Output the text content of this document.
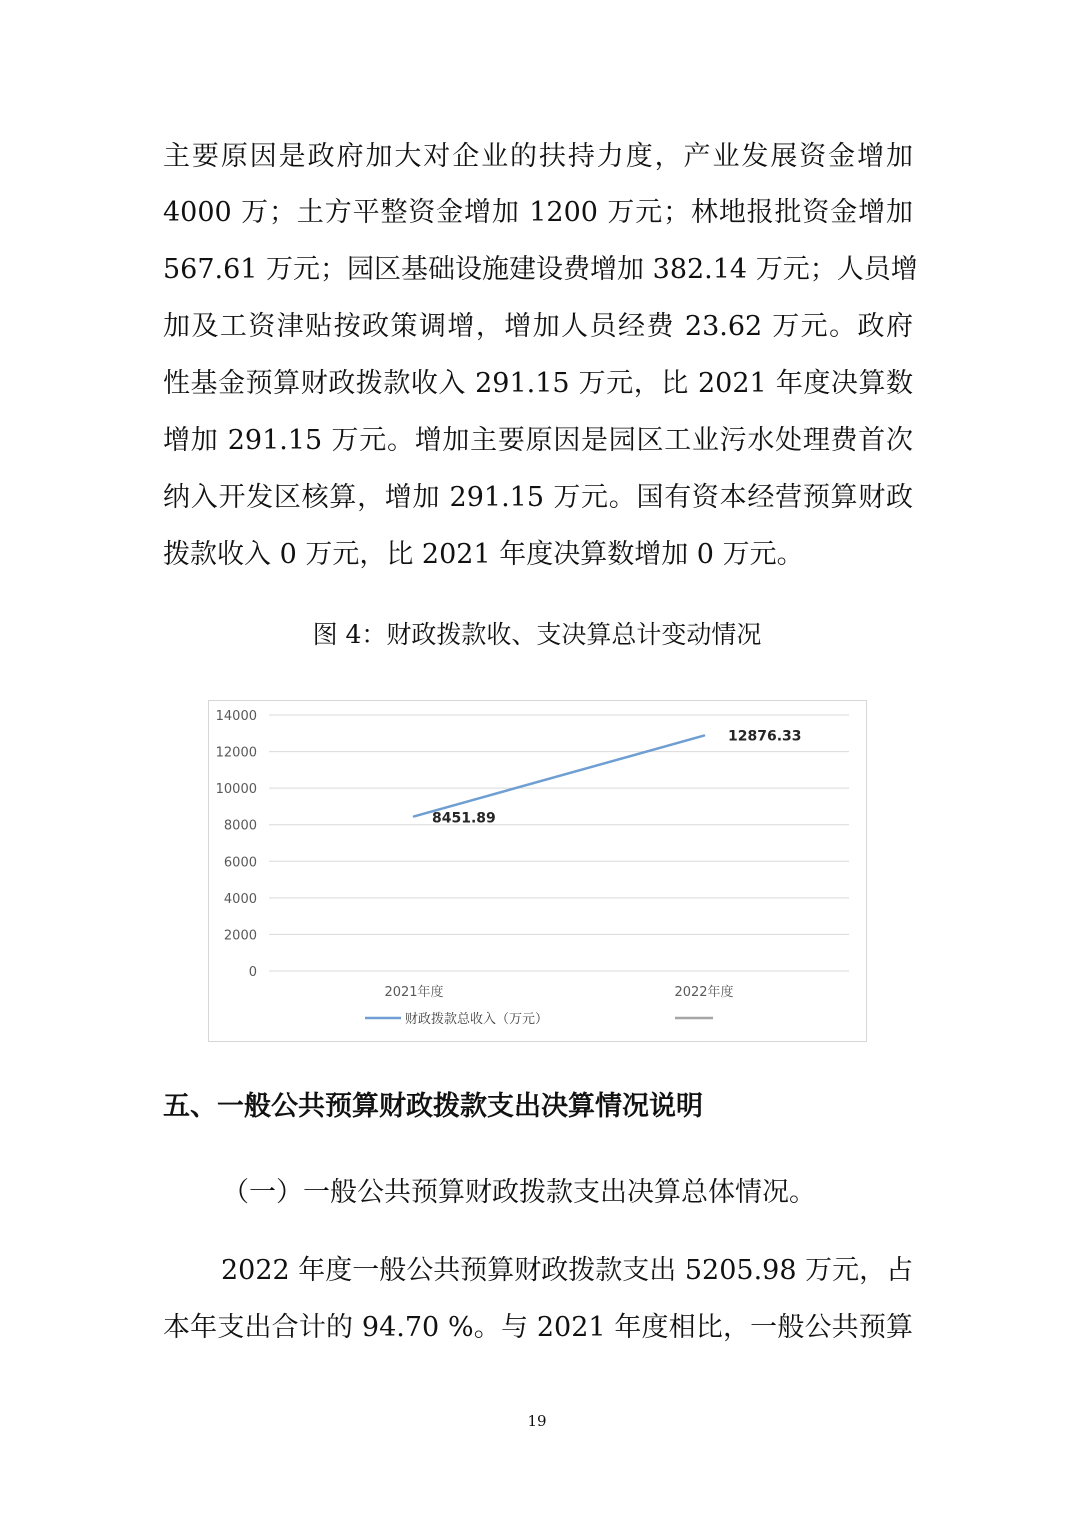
主要原因是政府加大对企业的扶持力度，产业发展资金增加
4000 万；土方平整资金增加 1200 万元；林地报批资金增加
567.61 万元；园区基础设施建设费增加 382.14 万元；人员增
加及工资津贴按政策调增，增加人员经费 23.62 万元。政府
性基金预算财政拨款收入 291.15 万元，比 2021 年度决算数
增加 291.15 万元。增加主要原因是园区工业污水处理费首次
纳入开发区核算，增加 291.15 万元。国有资本经营预算财政
拨款收入 0 万元，比 2021 年度决算数增加 0 万元。
图 4：财政拨款收、支决算总计变动情况
0
2000
4000
6000
8000
10000
12000
14000
2021年度	2022年度
8451.89
12876.33
财政拨款总收入（万元）
五、一般公共预算财政拨款支出决算情况说明
（一）一般公共预算财政拨款支出决算总体情况。
2022 年度一般公共预算财政拨款支出 5205.98 万元，占
本年支出合计的 94.70 %。与 2021 年度相比，一般公共预算
19
